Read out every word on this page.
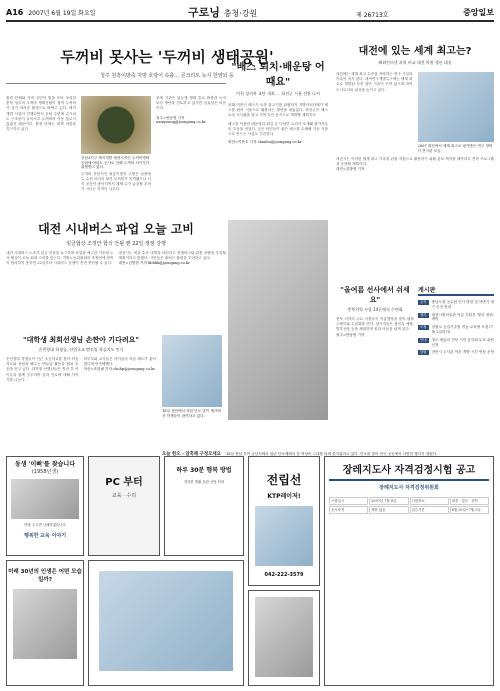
A16 2007년 6월 19일 화요일	구로닝 충청·강원	제 26713호	중앙일보
두꺼비 못사는 '두꺼비 생태공원'
청주 원흥이방죽 지방 호랑이 속출… 콘크리트 녹지 한영되 등
환경 단체와 지역 주민이 힘을 모아 조성한 충북 청주의 두꺼비 생태공원이 정작 두꺼비가 살기 어려운 환경으로 바뀌고 있다. 택지 개발 사업이 진행되면서 공원 주변에 콘크리트 구조물이 들어서고 두꺼비의 이동 통로가 끊겼기 때문이다. 환경 단체는 대책 마련을 촉구하고 있다.
산남3지구 택지개발 예정지역인 두꺼비생태공원에 아파트 공사로 인해 두꺼비 서식지가 위협받고 있다.
두꺼비 산란지인 원흥이방죽 주변은 올봄에도 수천 마리의 새끼 두꺼비가 목격됐으나 서식 공간이 좁아지면서 개체 수가 급감할 우려가 크다는 지적이 나온다.
관계 기관은 뒤늦게 생태 통로 확충과 녹지 보강 방안을 검토하고 있지만 실효성은 의문이다.
청주=안남영 기자 namyoung@joongang.co.kr
"배스 퇴치·배운탕 어때요"
이천 성의복 교단 개최 … 화천군 식용 전환 나서
외래 어종인 배스가 토종 물고기를 위협하자 지방자치단체가 배스를 잡아 식용으로 활용하는 방안을 내놓았다. 화천군은 배스 요리 시식회를 열고 지역 특산 음식으로 개발할 계획이다.
배스를 이용한 매운탕과 튀김 등 다양한 요리가 소개돼 참가자들의 호응을 얻었다. 군은 어민들이 잡은 배스를 수매해 가공 식품으로 만드는 사업도 추진한다.
화천=이찬호 기자 chanho@joongang.co.kr
대전 시내버스 파업 오늘 고비
임금협상 조정안 합의 안될 땐 22일 쟁점 강행
대전 시내버스 노조가 임금 인상을 요구하며 파업을 예고한 가운데 노사 협상이 오늘 최대 고비를 맞는다. 지방노동위원회의 조정안에 양측이 합의하지 못하면 22일부터 시내버스 운행이 전면 중단될 수 있다.
대전시는 비상 수송 대책을 마련하고 전세버스와 관용 차량을 투입할 계획이라고 밝혔다. 시민들은 출퇴근 불편을 우려하고 있다.
대전=김방현 기자 kbhkk@joongang.co.kr
"대학생 최희선생님 손짠아 기다려요"
순천향대 학생들, 산업초교 멘토링 학습지도 인기
순천향대 학생들이 인근 초등학교를 찾아 학습 지도와 상담을 해주는 멘토링 활동을 펼쳐 호응을 얻고 있다. 대학생 선생님들은 방과 후 아이들과 함께 공부하며 꿈과 진로에 대해 이야기를 나눈다.
학부모와 교사들은 아이들의 학습 태도가 좋아졌다며 만족해했다.
아산=조한필 기자 chohp@joongang.co.kr
18일 천안에서 열린 단오 맞이 행사에서 학생들이 참여하고 있다.
오늘 한오 - 암흑해 구정모세요 18일 충남 부여 궁남지에서 열린 단오제에서 한 여성이 그네를 타며 즐거워하고 있다. 단오를 맞아 전국 곳곳에서 다양한 행사가 열렸다.
대전에 있는 세계 최고는?
해외인터넷 과학 비교 대전 차원 생산 대상
대전에는 세계 최고 수준을 자랑하는 연구 시설과 기록이 적지 않다. 대덕연구개발특구에는 세계 최초로 개발된 각종 첨단 기술이 모여 있으며 과학 도시로서의 위상을 높이고 있다.
2007 대전에서 세계 최고로 평가받은 연구 장비가 전시된 모습.
대전시는 이러한 세계 최고 기록을 관광 자원으로 활용하기 위해 홍보 책자를 제작하고 견학 프로그램을 운영할 계획이다.
대전=김방현 기자
"올여름 선사에서 쉬세요"
충북지역 사찰 14곳에서 수련회
충북 지역의 주요 사찰들이 여름방학을 맞아 템플스테이와 수련회를 연다. 참가자들은 참선과 예불, 발우공양 등을 체험하며 몸과 마음을 쉬게 된다.
청주=안남영 기자
게시판
공지	충남도청 공무원 인사 발령 및 하반기 정기 승진 안내
행사	대전시립미술관 여름 기획전 '빛의 정원' 개막
모집	강원도 농업기술원 귀농 교육생 모집 (7월 2일까지)
안내	청주 예술의 전당 시민 음악회 무료 관람 신청
알림	천안시 도서관 야간 개방 시간 연장 운영
동생 '이뻐'를 찾습니다
(1958년생)
연락 주시면 사례하겠습니다
행복한 교육 이야기
PC 부터
교육 · 수리
하루 30분 행복 방법
건강한 생활 습관 상담 안내	전립선
KTP레이저!
042-222-3579
장레지도사 자격검정시험 공고
장례지도사 자격검정위원회
시험일시	2007년 7월 8일	시험장소	대전 · 청주 · 천안
응시자격	제한 없음	접수기간	6월 20일~7월 3일
미래 30년의 인생은 어떤 모습일까?
